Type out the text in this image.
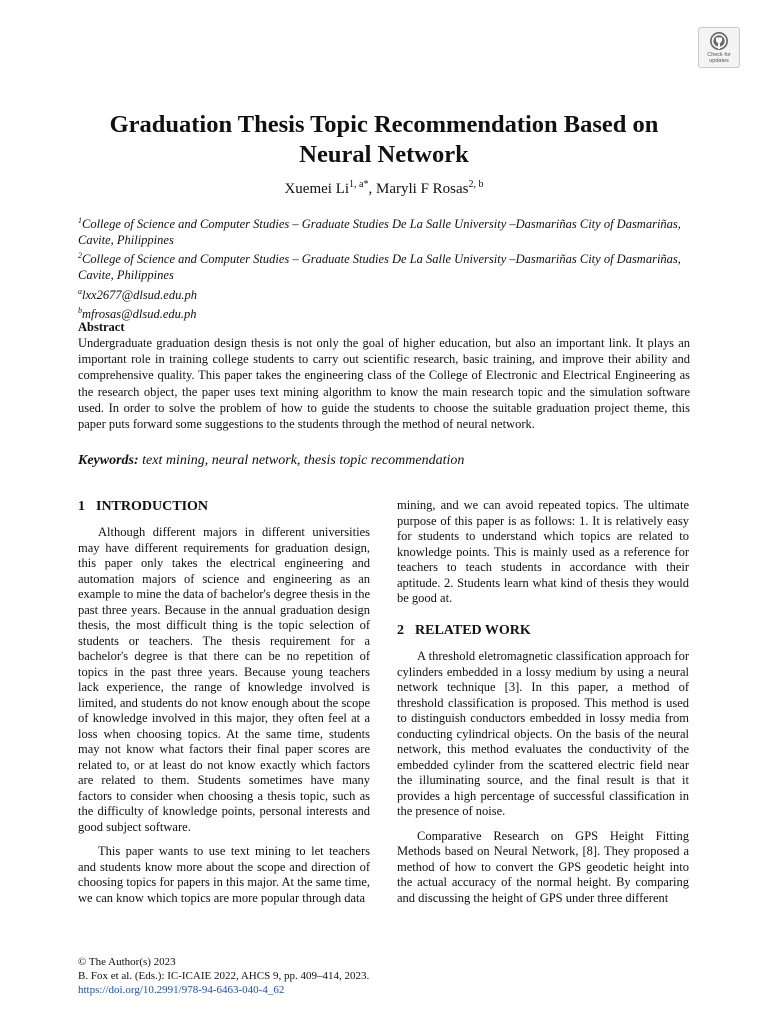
Check for updates
Graduation Thesis Topic Recommendation Based on
Neural Network
Xuemei $Li^{1, a*}$, Maryli F Rosas$^{2, b}$

$^1$College of Science and Computer Studies – Graduate Studies De La Salle University –Dasmariñas City of Dasmariñas, Cavite, Philippines

$^2$College of Science and Computer Studies – Graduate Studies De La Salle University –Dasmariñas City of Dasmariñas, Cavite, Philippines

$^a$lxx2677@dlsud.edu.ph

$^b$mfrosas@dlsud.edu.ph

Abstract

Undergraduate graduation design thesis is not only the goal of higher education, but also an important link. It plays an important role in training college students to carry out scientific research, basic training, and improve their ability and comprehensive quality. This paper takes the engineering class of the College of Electronic and Electrical Engineering as the research object, the paper uses text mining algorithm to know the main research topic and the simulation software used. In order to solve the problem of how to guide the students to choose the suitable graduation project theme, this paper puts forward some suggestions to the students through the method of neural network.

Keywords: text mining, neural network, thesis topic recommendation
1 INTRODUCTION

Although different majors in different universities may have different requirements for graduation design, this paper only takes the electrical engineering and automation majors of science and engineering as an example to mine the data of bachelor's degree thesis in the past three years. Because in the annual graduation design thesis, the most difficult thing is the topic selection of students or teachers. The thesis requirement for a bachelor's degree is that there can be no repetition of topics in the past three years. Because young teachers lack experience, the range of knowledge involved is limited, and students do not know enough about the scope of knowledge involved in this major, they often feel at a loss when choosing topics. At the same time, students may not know what factors their final paper scores are related to, or at least do not know exactly which factors are related to them. Students sometimes have many factors to consider when choosing a thesis topic, such as the difficulty of knowledge points, personal interests and good subject software.

This paper wants to use text mining to let teachers and students know more about the scope and direction of choosing topics for papers in this major. At the same time, we can know which topics are more popular through data

mining, and we can avoid repeated topics. The ultimate purpose of this paper is as follows: 1. It is relatively easy for students to understand which topics are related to knowledge points. This is mainly used as a reference for teachers to teach students in accordance with their aptitude. 2. Students learn what kind of thesis they would be good at.

2 RELATED WORK

A threshold eletromagnetic classification approach for cylinders embedded in a lossy medium by using a neural network technique [3]. In this paper, a method of threshold classification is proposed. This method is used to distinguish conductors embedded in lossy media from conducting cylindrical objects. On the basis of the neural network, this method evaluates the conductivity of the embedded cylinder from the scattered electric field near the illuminating source, and the final result is that it provides a high percentage of successful classification in the presence of noise.

Comparative Research on GPS Height Fitting Methods based on Neural Network, [8]. They proposed a method of how to convert the GPS geodetic height into the actual accuracy of the normal height. By comparing and discussing the height of GPS under three different

© The Author(s) 2023
B. Fox et al. (Eds.): IC-ICAIE 2022, AHCS 9, pp. 409–414, 2023.
https://doi.org/10.2991/978-94-6463-040-4_62
